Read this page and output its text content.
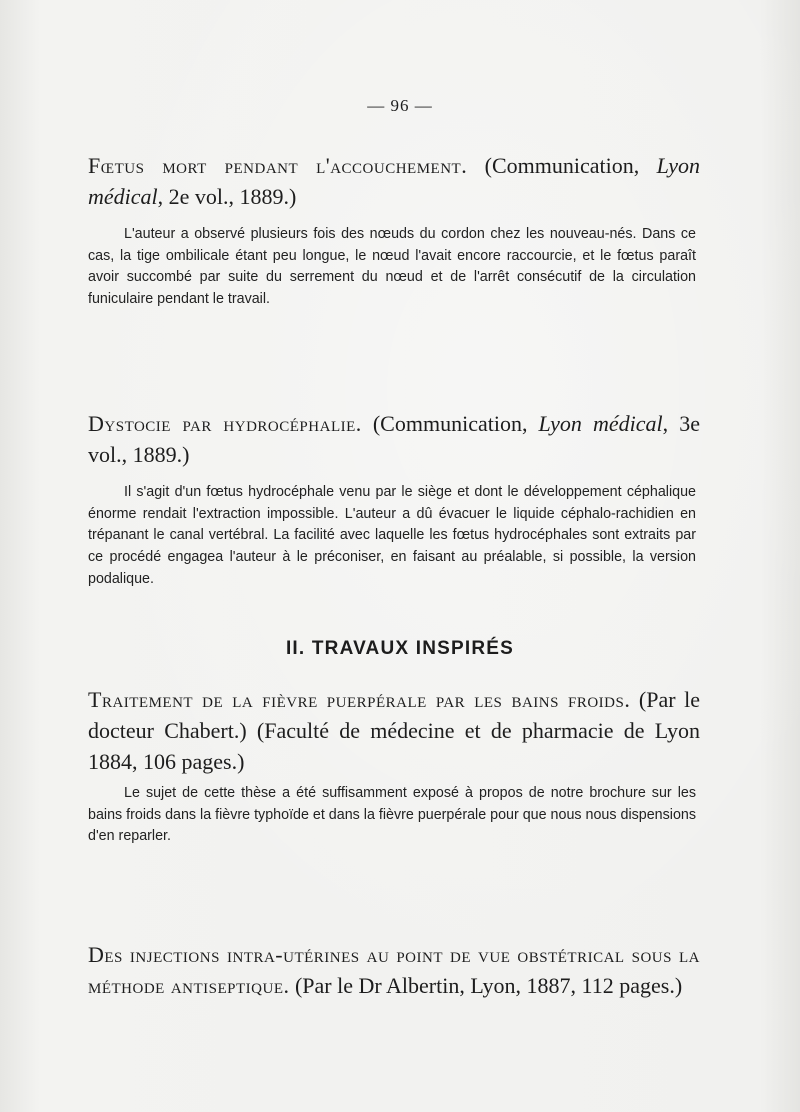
— 96 —

Fœtus mort pendant l'accouchement. (Communication, Lyon médical, 2e vol., 1889.)

L'auteur a observé plusieurs fois des nœuds du cordon chez les nouveau-nés. Dans ce cas, la tige ombilicale étant peu longue, le nœud l'avait encore raccourcie, et le fœtus paraît avoir succombé par suite du serrement du nœud et de l'arrêt consécutif de la circulation funiculaire pendant le travail.

Dystocie par hydrocéphalie. (Communication, Lyon médical, 3e vol., 1889.)

Il s'agit d'un fœtus hydrocéphale venu par le siège et dont le développement céphalique énorme rendait l'extraction impossible. L'auteur a dû évacuer le liquide céphalo-rachidien en trépanant le canal vertébral. La facilité avec laquelle les fœtus hydrocéphales sont extraits par ce procédé engagea l'auteur à le préconiser, en faisant au préalable, si possible, la version podalique.

II. TRAVAUX INSPIRÉS

Traitement de la fièvre puerpérale par les bains froids. (Par le docteur Chabert.) (Faculté de médecine et de pharmacie de Lyon 1884, 106 pages.)

Le sujet de cette thèse a été suffisamment exposé à propos de notre brochure sur les bains froids dans la fièvre typhoïde et dans la fièvre puerpérale pour que nous nous dispensions d'en reparler.

Des injections intra-utérines au point de vue obstétrical sous la méthode antiseptique. (Par le Dr Albertin, Lyon, 1887, 112 pages.)
